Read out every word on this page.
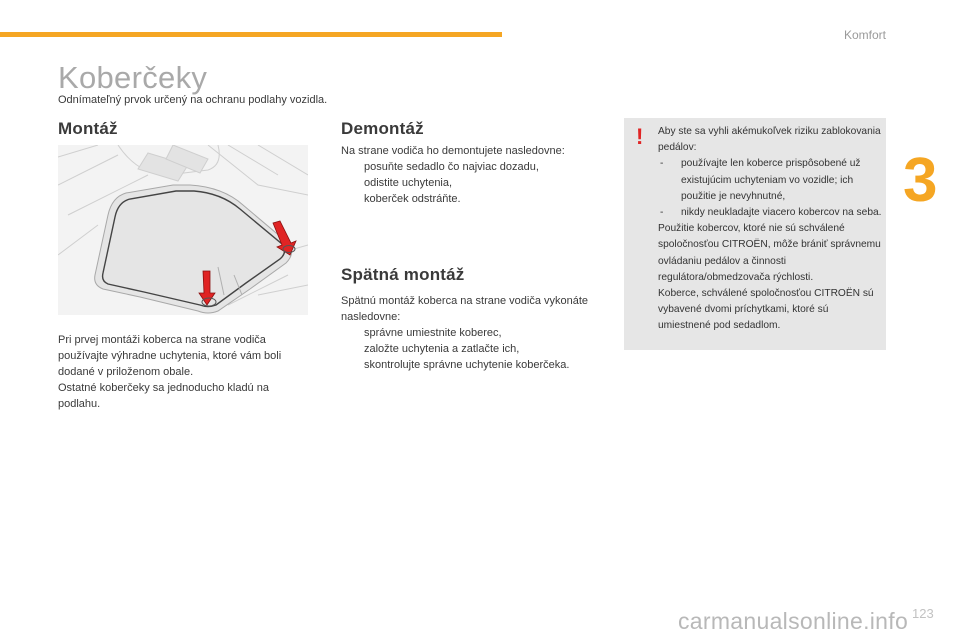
Komfort
3
Koberčeky
Odnímateľný prvok určený na ochranu podlahy vozidla.
Montáž

Pri prvej montáži koberca na strane vodiča používajte výhradne uchytenia, ktoré vám boli dodané v priloženom obale.

Ostatné koberčeky sa jednoducho kladú na podlahu.

Demontáž

Na strane vodiča ho demontujete nasledovne:

posuňte sedadlo čo najviac dozadu,
odistite uchytenia,
koberček odstráňte.
Spätná montáž

Spätnú montáž koberca na strane vodiča vykonáte nasledovne:

správne umiestnite koberec,
založte uchytenia a zatlačte ich,
skontrolujte správne uchytenie koberčeka.
! Aby ste sa vyhli akémukoľvek riziku zablokovania pedálov:

- používajte len koberce prispôsobené už existujúcim uchyteniam vo vozidle; ich použitie je nevyhnutné,
- nikdy neukladajte viacero kobercov na seba.

Použitie kobercov, ktoré nie sú schválené spoločnosťou CITROËN, môže brániť správnemu ovládaniu pedálov a činnosti regulátora/obmedzovača rýchlosti.

Koberce, schválené spoločnosťou CITROËN sú vybavené dvomi príchytkami, ktoré sú umiestnené pod sedadlom.

carmanualsonline.info 123
